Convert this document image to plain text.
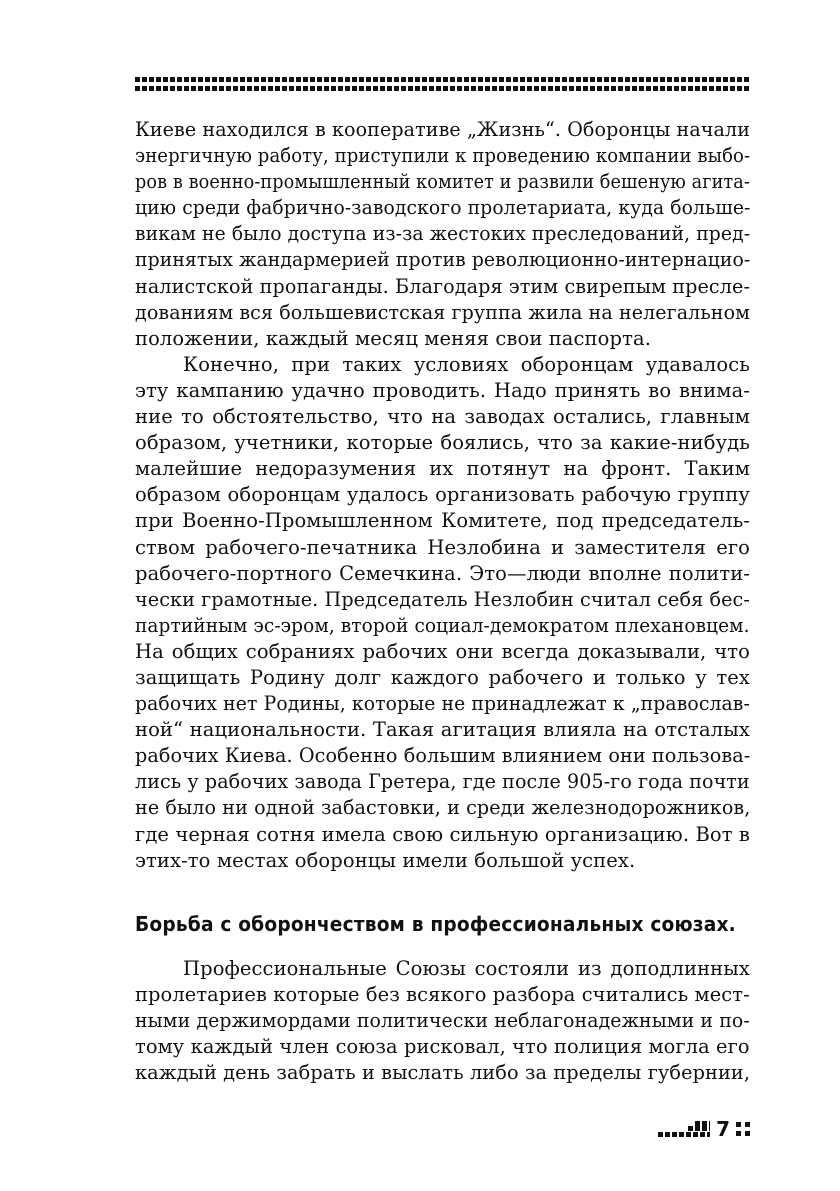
Киеве находился в кооперативе „Жизнь“. Оборонцы начали
энергичную работу, приступили к проведению компании выбо-
ров в военно-промышленный комитет и развили бешеную агита-
цию среди фабрично-заводского пролетариата, куда больше-
викам не было доступа из-за жестоких преследований, пред-
принятых жандармерией против революционно-интернацио-
налистской пропаганды. Благодаря этим свирепым пресле-
дованиям вся большевистская группа жила на нелегальном
положении, каждый месяц меняя свои паспорта.

Конечно, при таких условиях оборонцам удавалось
эту кампанию удачно проводить. Надо принять во внима-
ние то обстоятельство, что на заводах остались, главным
образом, учетники, которые боялись, что за какие-нибудь
малейшие недоразумения их потянут на фронт. Таким
образом оборонцам удалось организовать рабочую группу
при Военно-Промышленном Комитете, под председатель-
ством рабочего-печатника Незлобина и заместителя его
рабочего-портного Семечкина. Это—люди вполне полити-
чески грамотные. Председатель Незлобин считал себя бес-
партийным эс-эром, второй социал-демократом плехановцем.
На общих собраниях рабочих они всегда доказывали, что
защищать Родину долг каждого рабочего и только у тех
рабочих нет Родины, которые не принадлежат к „православ-
ной“ национальности. Такая агитация влияла на отсталых
рабочих Киева. Особенно большим влиянием они пользова-
лись у рабочих завода Гретера, где после 905-го года почти
не было ни одной забастовки, и среди железнодорожников,
где черная сотня имела свою сильную организацию. Вот в
этих-то местах оборонцы имели большой успех.

Борьба с оборончеством в профессиональных союзах.

Профессиональные Союзы состояли из доподлинных
пролетариев которые без всякого разбора считались мест-
ными держимордами политически неблагонадежными и по-
тому каждый член союза рисковал, что полиция могла его
каждый день забрать и выслать либо за пределы губернии,

7
